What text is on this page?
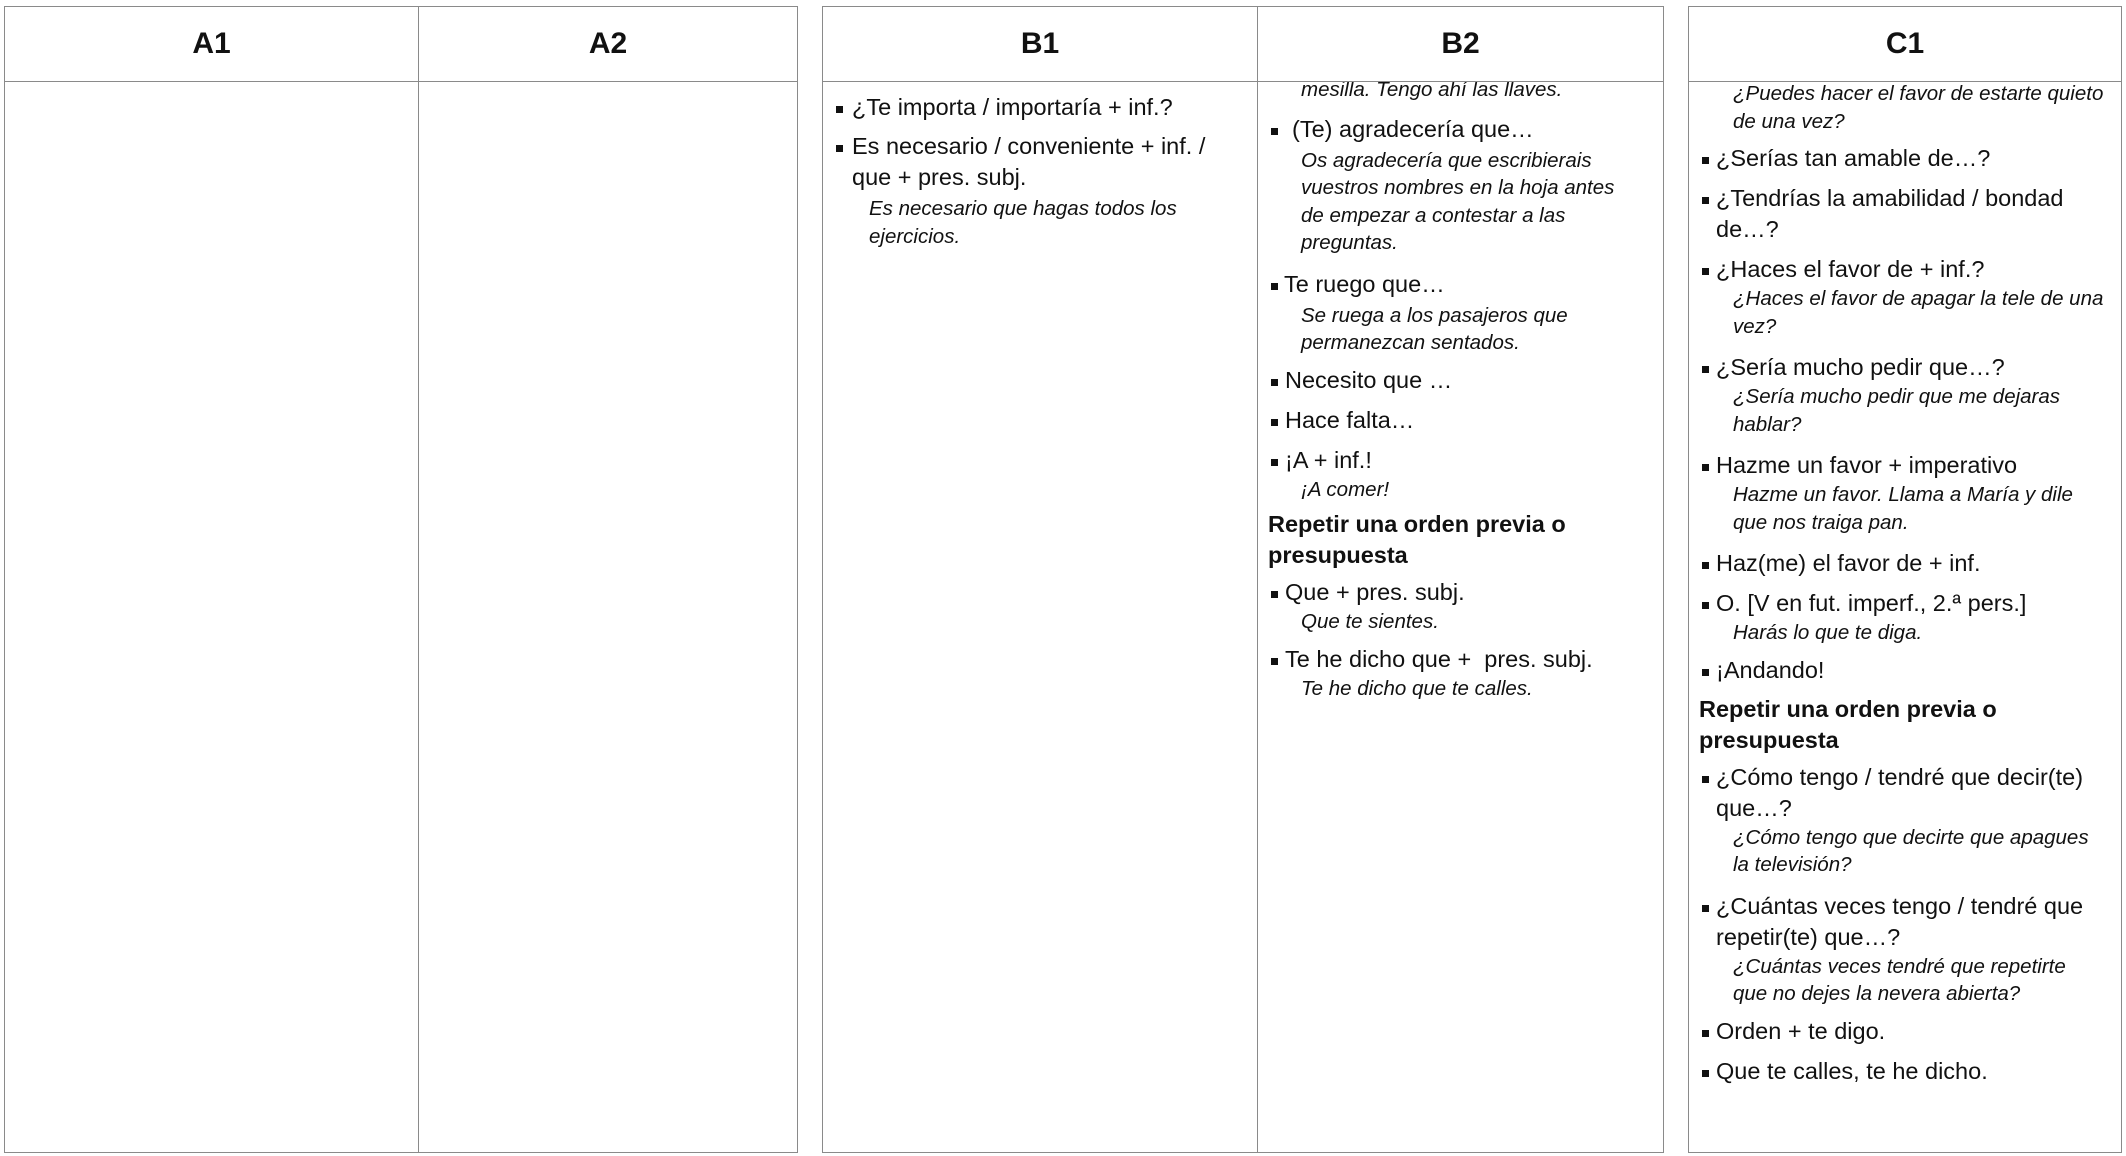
A1	A2	B1
¿Te importa / importaría + inf.?
Es necesario / conveniente + inf. / que + pres. subj.
Es necesario que hagas todos los ejercicios.
B2
mesilla. Tengo ahí las llaves.
(Te) agradecería que…
Os agradecería que escribierais vuestros nombres en la hoja antes de empezar a contestar a las preguntas.
Te ruego que…
Se ruega a los pasajeros que permanezcan sentados.
Necesito que …
Hace falta…
¡A + inf.!
¡A comer!
Repetir una orden previa o presupuesta
Que + pres. subj.
Que te sientes.
Te he dicho que +  pres. subj.
Te he dicho que te calles.
C1
¿Puedes hacer el favor de estarte quieto de una vez?
¿Serías tan amable de…?
¿Tendrías la amabilidad / bondad de…?
¿Haces el favor de + inf.?
¿Haces el favor de apagar la tele de una vez?
¿Sería mucho pedir que…?
¿Sería mucho pedir que me dejaras hablar?
Hazme un favor + imperativo
Hazme un favor. Llama a María y dile que nos traiga pan.
Haz(me) el favor de + inf.
O. [V en fut. imperf., 2.ª pers.]
Harás lo que te diga.
¡Andando!
Repetir una orden previa o presupuesta
¿Cómo tengo / tendré que decir(te) que…?
¿Cómo tengo que decirte que apagues la televisión?
¿Cuántas veces tengo / tendré que repetir(te) que…?
¿Cuántas veces tendré que repetirte que no dejes la nevera abierta?
Orden + te digo.
Que te calles, te he dicho.
